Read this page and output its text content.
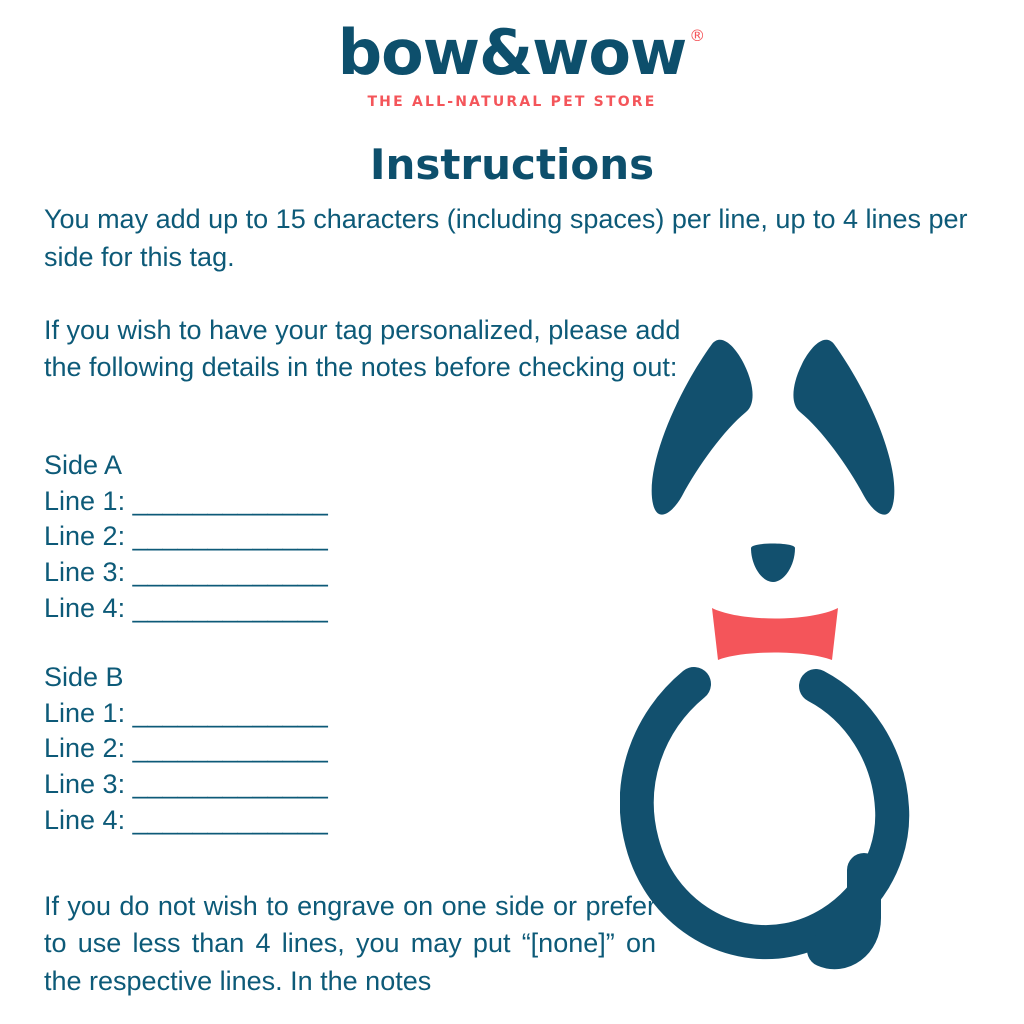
bow&wow ®
THE ALL-NATURAL PET STORE
Instructions
You may add up to 15 characters (including spaces) per line, up to 4 lines per side for this tag.
If you wish to have your tag personalized, please add the following details in the notes before checking out:
Side A
Line 1: _____________
Line 2: _____________
Line 3: _____________
Line 4: _____________
Side B
Line 1: _____________
Line 2: _____________
Line 3: _____________
Line 4: _____________
If you do not wish to engrave on one side or prefer to use less than 4 lines, you may put “[none]” on the respective lines. In the notes
